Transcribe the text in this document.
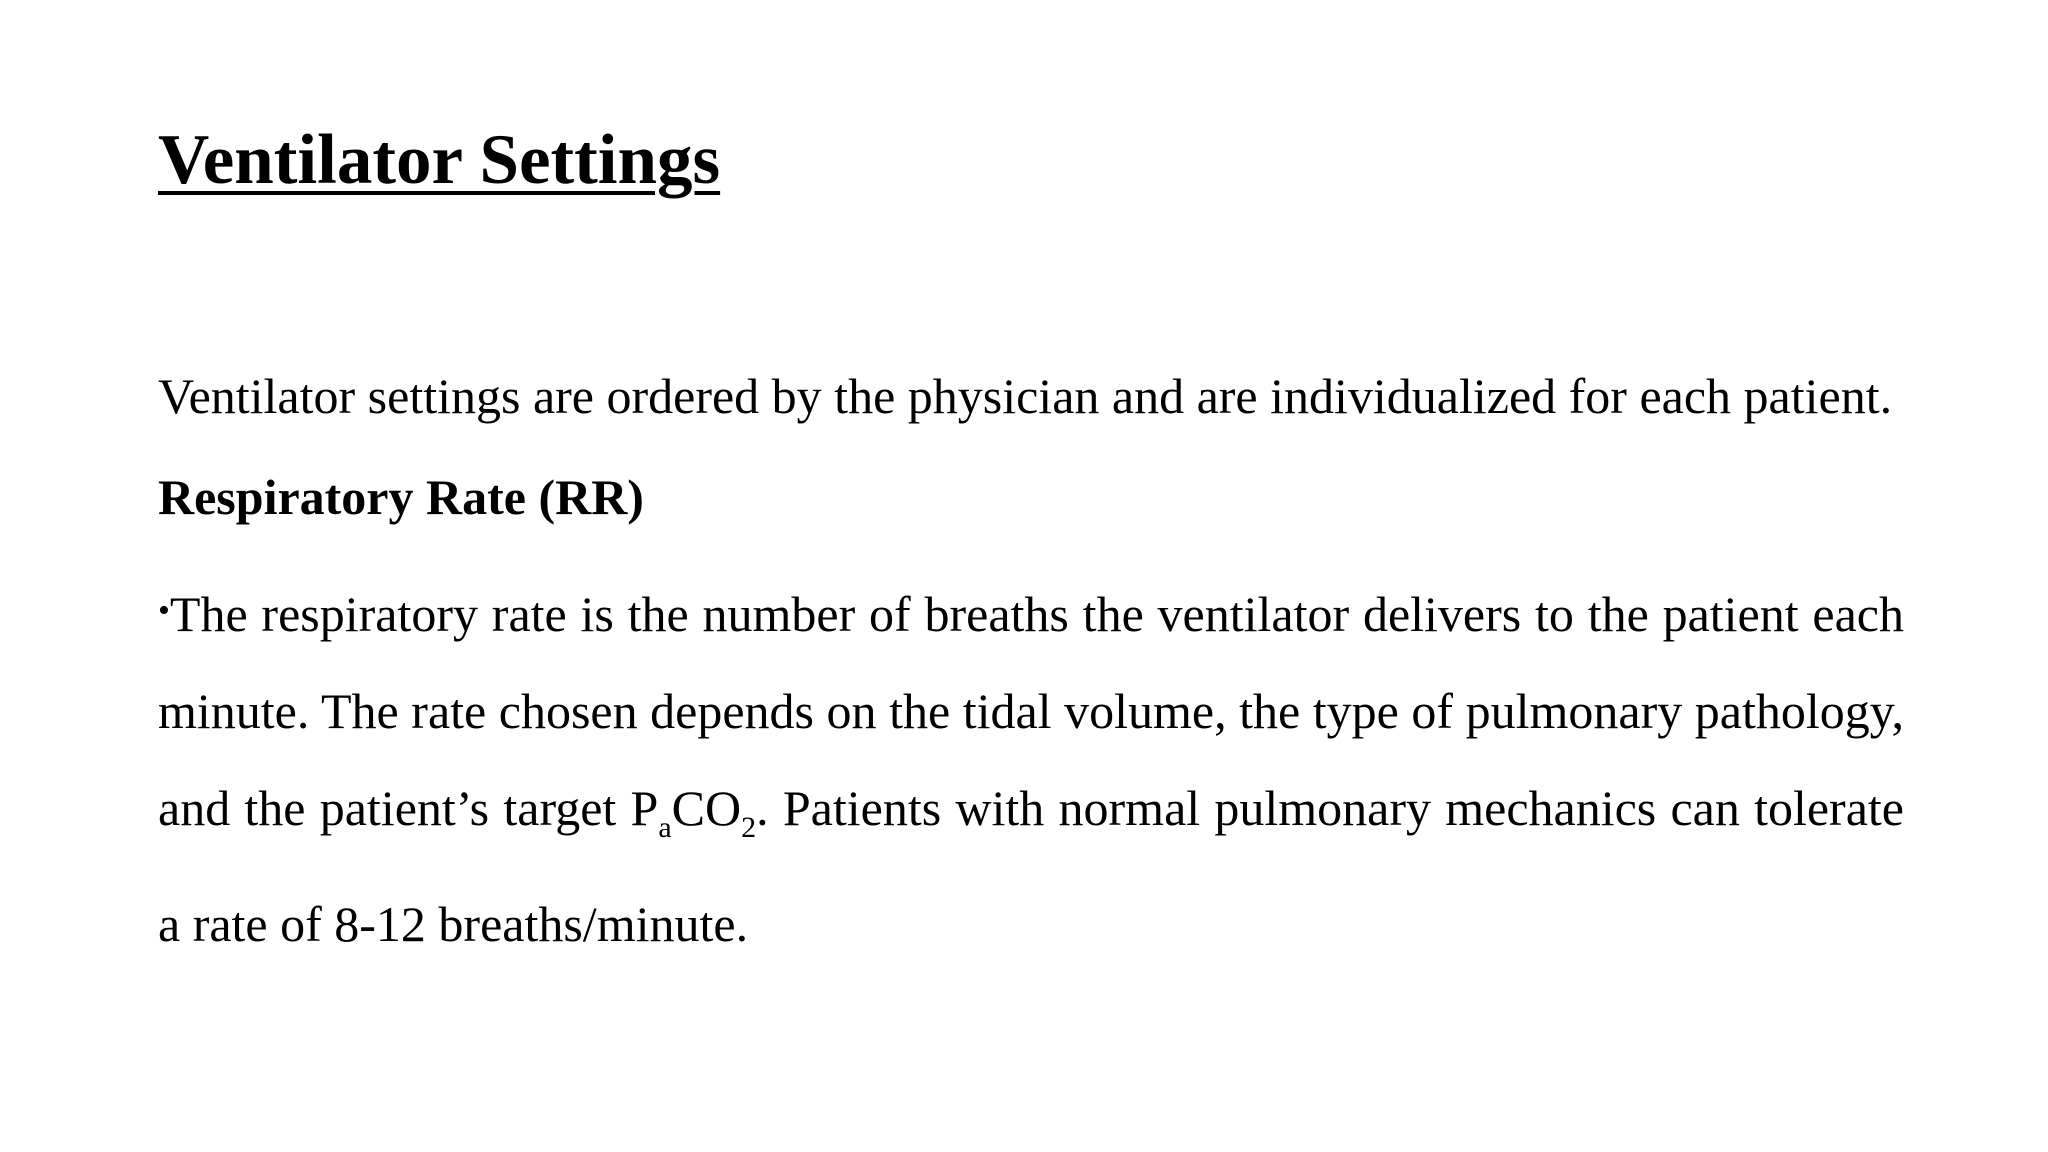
Ventilator Settings

Ventilator settings are ordered by the physician and are individualized for each patient.

Respiratory Rate (RR)

•The respiratory rate is the number of breaths the ventilator delivers to the patient each minute. The rate chosen depends on the tidal volume, the type of pulmonary pathology, and the patient’s target $P_aCO_2$. Patients with normal pulmonary mechanics can tolerate a rate of 8-12 breaths/minute.
